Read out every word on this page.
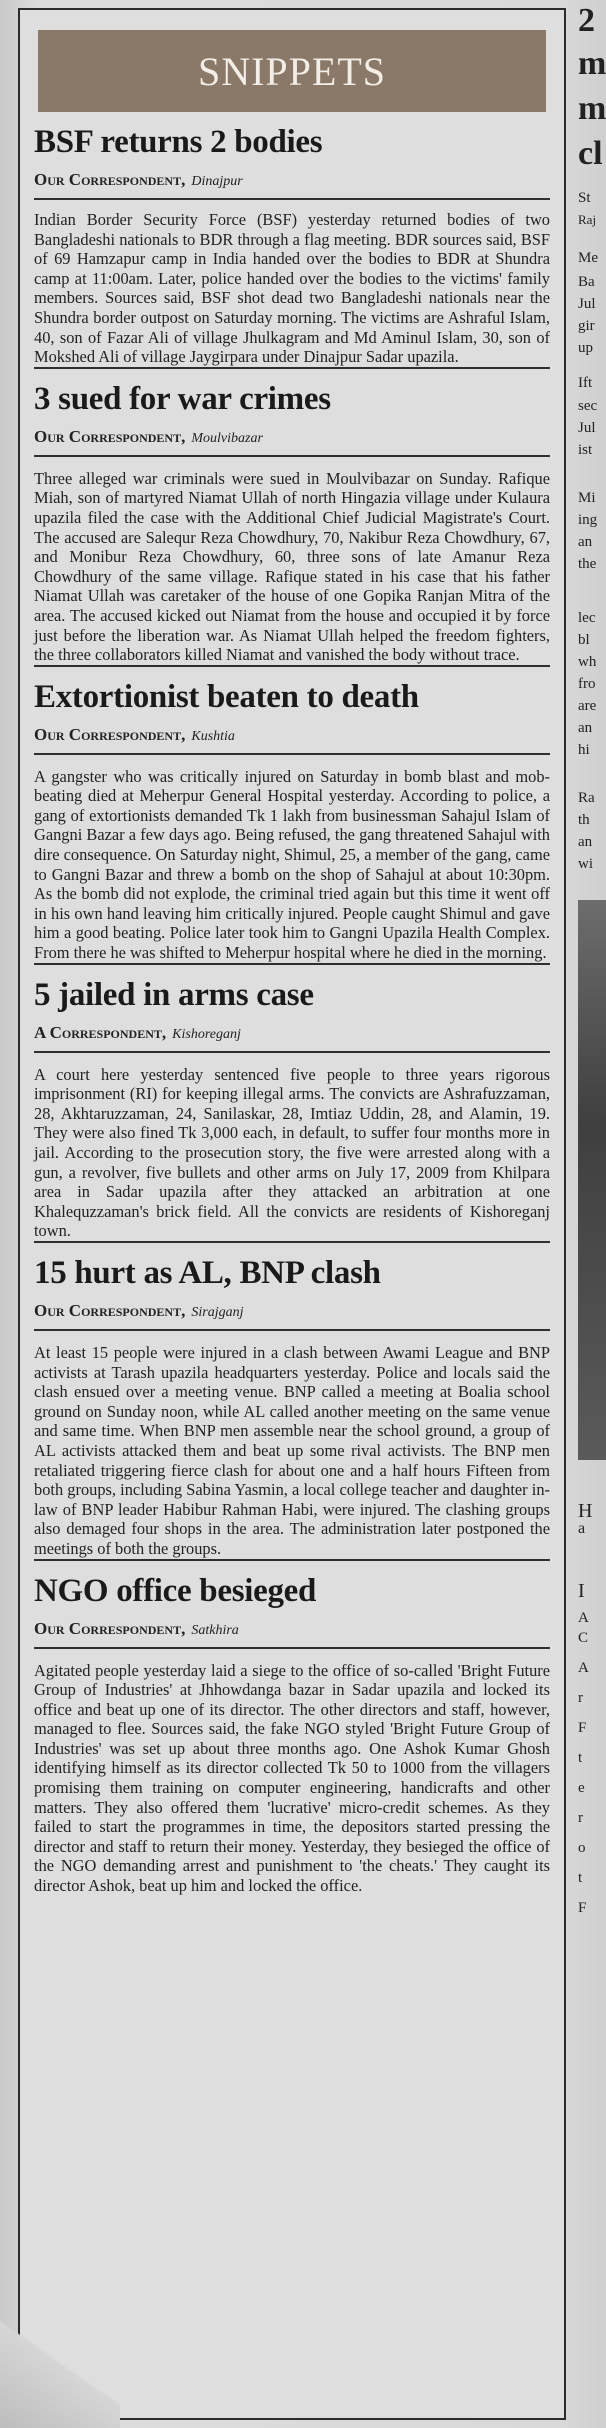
SNIPPETS
BSF returns 2 bodies
Our Correspondent, Dinajpur

Indian Border Security Force (BSF) yesterday returned bodies of two Bangladeshi nationals to BDR through a flag meeting. BDR sources said, BSF of 69 Hamzapur camp in India handed over the bodies to BDR at Shundra camp at 11:00am. Later, police handed over the bodies to the victims' family members. Sources said, BSF shot dead two Bangladeshi nationals near the Shundra border outpost on Saturday morning. The victims are Ashraful Islam, 40, son of Fazar Ali of village Jhulkagram and Md Aminul Islam, 30, son of Mokshed Ali of village Jaygirpara under Dinajpur Sadar upazila.

3 sued for war crimes
Our Correspondent, Moulvibazar

Three alleged war criminals were sued in Moulvibazar on Sunday. Rafique Miah, son of martyred Niamat Ullah of north Hingazia village under Kulaura upazila filed the case with the Additional Chief Judicial Magistrate's Court. The accused are Salequr Reza Chowdhury, 70, Nakibur Reza Chowdhury, 67, and Monibur Reza Chowdhury, 60, three sons of late Amanur Reza Chowdhury of the same village. Rafique stated in his case that his father Niamat Ullah was caretaker of the house of one Gopika Ranjan Mitra of the area. The accused kicked out Niamat from the house and occupied it by force just before the liberation war. As Niamat Ullah helped the freedom fighters, the three collaborators killed Niamat and vanished the body without trace.

Extortionist beaten to death
Our Correspondent, Kushtia

A gangster who was critically injured on Saturday in bomb blast and mob-beating died at Meherpur General Hospital yesterday. According to police, a gang of extortionists demanded Tk 1 lakh from businessman Sahajul Islam of Gangni Bazar a few days ago. Being refused, the gang threatened Sahajul with dire consequence. On Saturday night, Shimul, 25, a member of the gang, came to Gangni Bazar and threw a bomb on the shop of Sahajul at about 10:30pm. As the bomb did not explode, the criminal tried again but this time it went off in his own hand leaving him critically injured. People caught Shimul and gave him a good beating. Police later took him to Gangni Upazila Health Complex. From there he was shifted to Meherpur hospital where he died in the morning.

5 jailed in arms case
A Correspondent, Kishoreganj

A court here yesterday sentenced five people to three years rigorous imprisonment (RI) for keeping illegal arms. The convicts are Ashrafuzzaman, 28, Akhtaruzzaman, 24, Sanilaskar, 28, Imtiaz Uddin, 28, and Alamin, 19. They were also fined Tk 3,000 each, in default, to suffer four months more in jail. According to the prosecution story, the five were arrested along with a gun, a revolver, five bullets and other arms on July 17, 2009 from Khilpara area in Sadar upazila after they attacked an arbitration at one Khalequzzaman's brick field. All the convicts are residents of Kishoreganj town.

15 hurt as AL, BNP clash
Our Correspondent, Sirajganj

At least 15 people were injured in a clash between Awami League and BNP activists at Tarash upazila headquarters yesterday. Police and locals said the clash ensued over a meeting venue. BNP called a meeting at Boalia school ground on Sunday noon, while AL called another meeting on the same venue and same time. When BNP men assemble near the school ground, a group of AL activists attacked them and beat up some rival activists. The BNP men retaliated triggering fierce clash for about one and a half hours Fifteen from both groups, including Sabina Yasmin, a local college teacher and daughter in-law of BNP leader Habibur Rahman Habi, were injured. The clashing groups also demaged four shops in the area. The administration later postponed the meetings of both the groups.

NGO office besieged
Our Correspondent, Satkhira

Agitated people yesterday laid a siege to the office of so-called 'Bright Future Group of Industries' at Jhhowdanga bazar in Sadar upazila and locked its office and beat up one of its director. The other directors and staff, however, managed to flee. Sources said, the fake NGO styled 'Bright Future Group of Industries' was set up about three months ago. One Ashok Kumar Ghosh identifying himself as its director collected Tk 50 to 1000 from the villagers promising them training on computer engineering, handicrafts and other matters. They also offered them 'lucrative' micro-credit schemes. As they failed to start the programmes in time, the depositors started pressing the director and staff to return their money. Yesterday, they besieged the office of the NGO demanding arrest and punishment to 'the cheats.' They caught its director Ashok, beat up him and locked the office.

2
m
m
cl
St
Raj
Me
Ba
Jul
gir
up
Ift
sec
Jul
ist
Mi
ing
an
the
lec
bl
wh
fro
are
an
hi
Ra
th
an
wi
H
a
I
A
C
A
r
F
t
e
r
o
t
F
